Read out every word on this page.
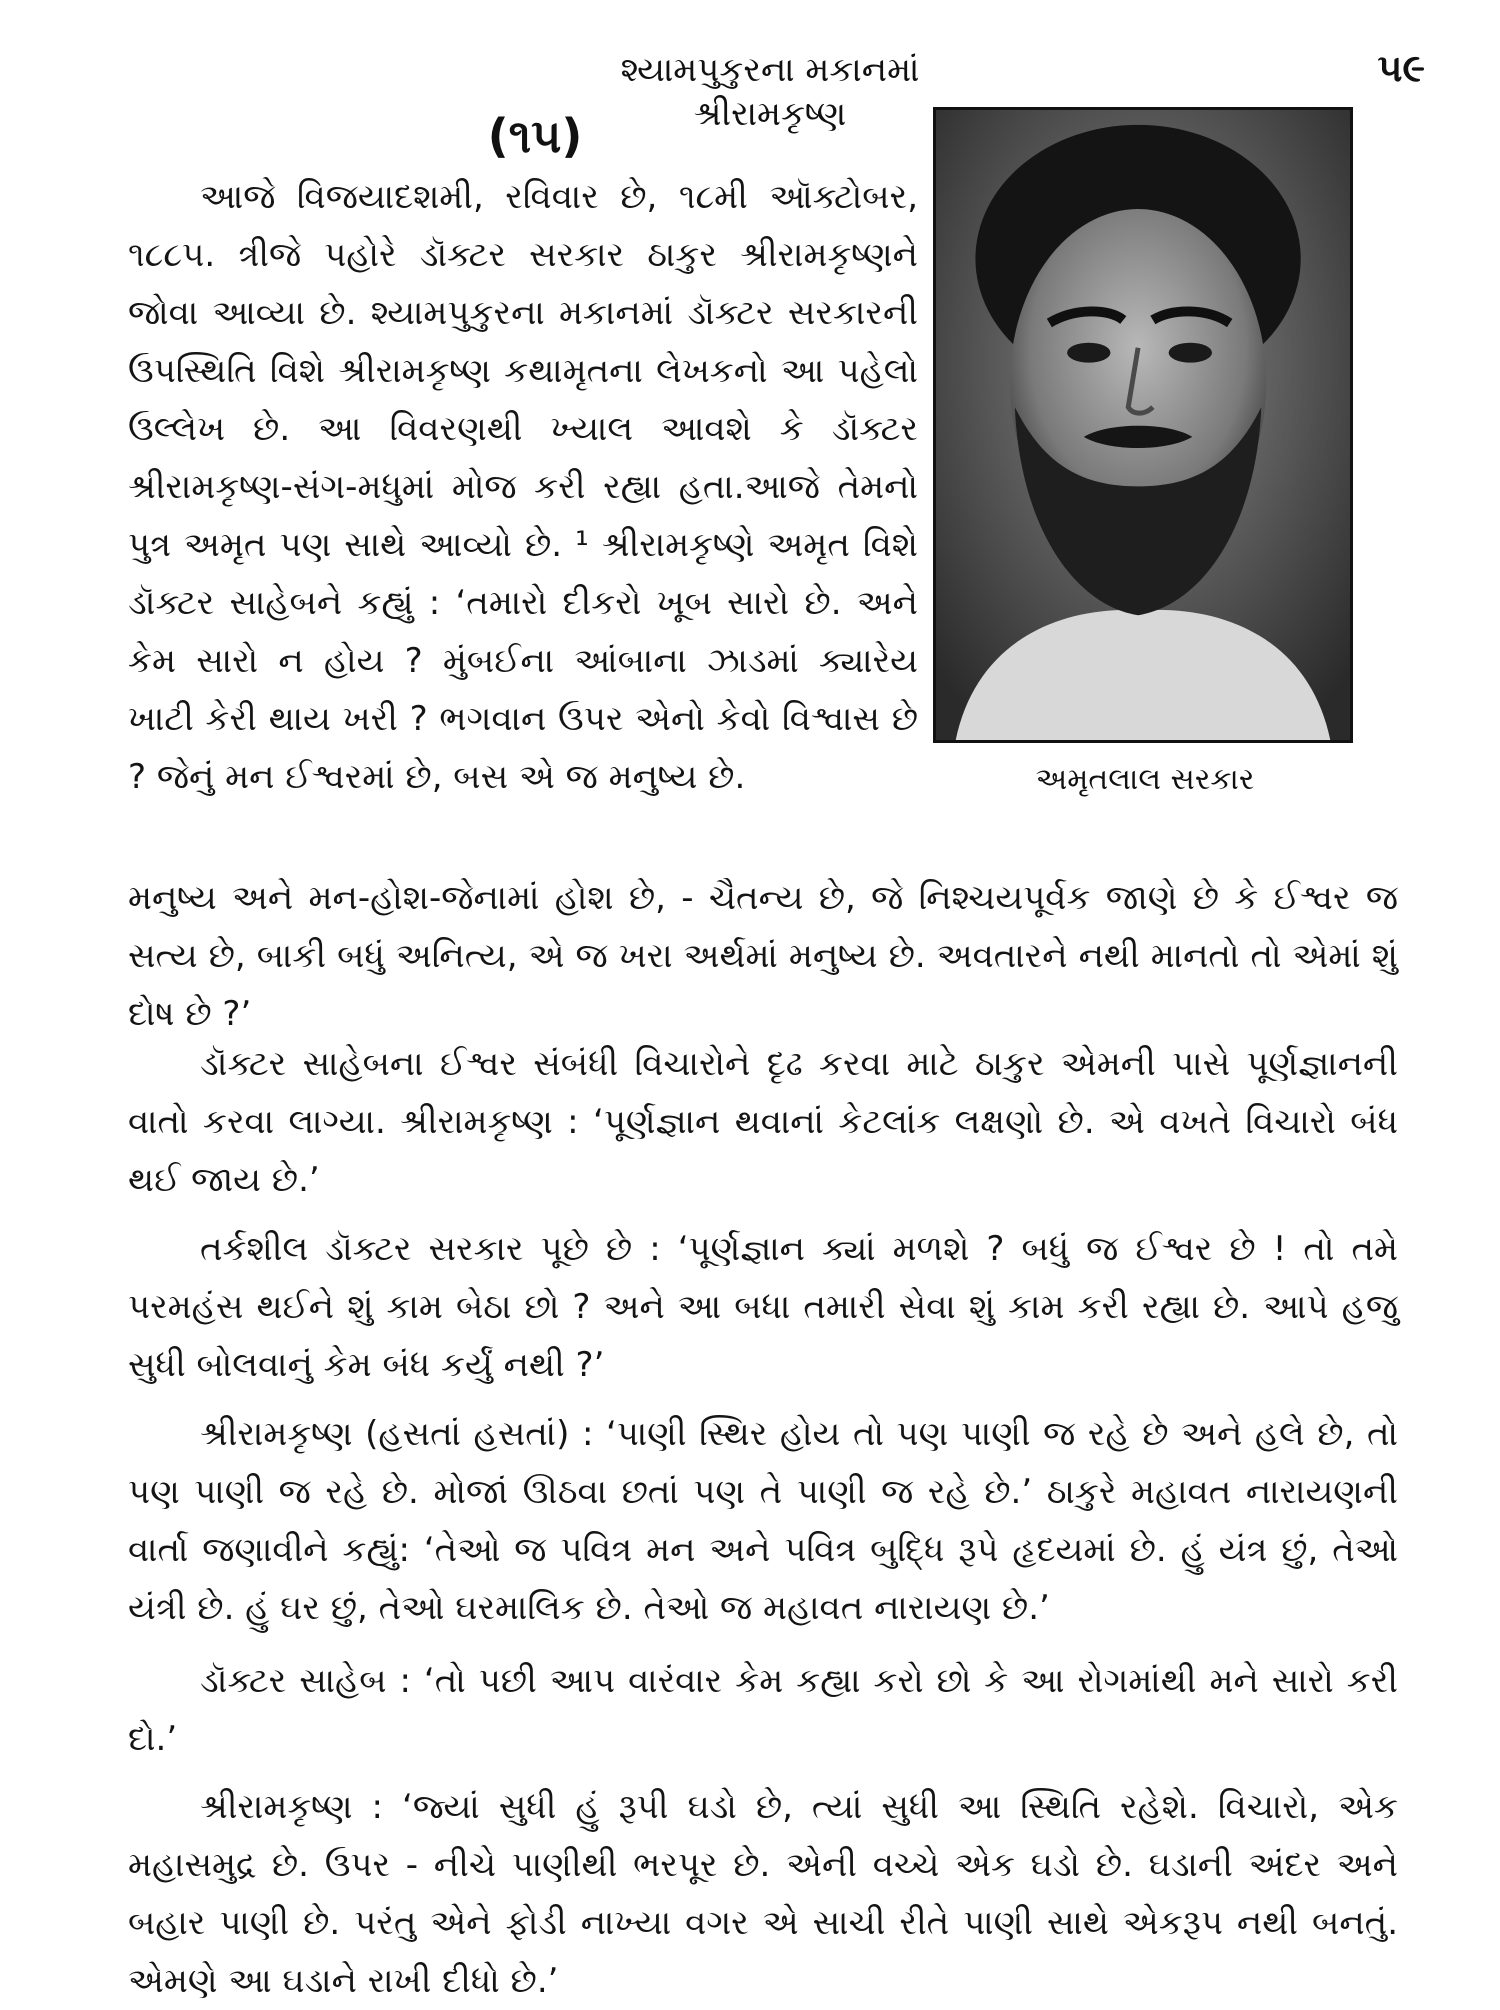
શ્યામપુકુરના મકાનમાં શ્રીરામકૃષ્ણ
૫૯
(૧૫)
અમૃતલાલ સરકાર

આજે વિજયાદશમી, રવિવાર છે, ૧૮મી ઑક્ટોબર, ૧૮૮૫. ત્રીજે પહોરે ડૉક્ટર સરકાર ઠાકુર શ્રીરામકૃષ્ણને જોવા આવ્યા છે. શ્યામપુકુરના મકાનમાં ડૉક્ટર સરકારની ઉપસ્થિતિ વિશે શ્રીરામકૃષ્ણ કથામૃતના લેખકનો આ પહેલો ઉલ્લેખ છે. આ વિવરણથી ખ્યાલ આવશે કે ડૉક્ટર શ્રીરામકૃષ્ણ-સંગ-મધુમાં મોજ કરી રહ્યા હતા.આજે તેમનો પુત્ર અમૃત પણ સાથે આવ્યો છે. ¹ શ્રીરામકૃષ્ણે અમૃત વિશે ડૉક્ટર સાહેબને કહ્યું : ‘તમારો દીકરો ખૂબ સારો છે. અને કેમ સારો ન હોય ? મુંબઈના આંબાના ઝાડમાં ક્યારેય ખાટી કેરી થાય ખરી ? ભગવાન ઉપર એનો કેવો વિશ્વાસ છે ? જેનું મન ઈશ્વરમાં છે, બસ એ જ મનુષ્ય છે.

મનુષ્ય અને મન-હોશ-જેનામાં હોશ છે, - ચૈતન્ય છે, જે નિશ્ચયપૂર્વક જાણે છે કે ઈશ્વર જ સત્ય છે, બાકી બધું અનિત્ય, એ જ ખરા અર્થમાં મનુષ્ય છે. અવતારને નથી માનતો તો એમાં શું દોષ છે ?’

ડૉક્ટર સાહેબના ઈશ્વર સંબંધી વિચારોને દૃઢ કરવા માટે ઠાકુર એમની પાસે પૂર્ણજ્ઞાનની વાતો કરવા લાગ્યા. શ્રીરામકૃષ્ણ : ‘પૂર્ણજ્ઞાન થવાનાં કેટલાંક લક્ષણો છે. એ વખતે વિચારો બંધ થઈ જાય છે.’

તર્કશીલ ડૉક્ટર સરકાર પૂછે છે : ‘પૂર્ણજ્ઞાન ક્યાં મળશે ? બધું જ ઈશ્વર છે ! તો તમે પરમહંસ થઈને શું કામ બેઠા છો ? અને આ બધા તમારી સેવા શું કામ કરી રહ્યા છે. આપે હજુ સુધી બોલવાનું કેમ બંધ કર્યું નથી ?’

શ્રીરામકૃષ્ણ (હસતાં હસતાં) : ‘પાણી સ્થિર હોય તો પણ પાણી જ રહે છે અને હલે છે, તો પણ પાણી જ રહે છે. મોજાં ઊઠવા છતાં પણ તે પાણી જ રહે છે.’ ઠાકુરે મહાવત નારાયણની વાર્તા જણાવીને કહ્યું: ‘તેઓ જ પવિત્ર મન અને પવિત્ર બુદ્ધિ રૂપે હૃદયમાં છે. હું યંત્ર છું, તેઓ યંત્રી છે. હું ઘર છું, તેઓ ઘરમાલિક છે. તેઓ જ મહાવત નારાયણ છે.’

ડૉક્ટર સાહેબ : ‘તો પછી આપ વારંવાર કેમ કહ્યા કરો છો કે આ રોગમાંથી મને સારો કરી દો.’

શ્રીરામકૃષ્ણ : ‘જ્યાં સુધી હું રૂપી ઘડો છે, ત્યાં સુધી આ સ્થિતિ રહેશે. વિચારો, એક મહાસમુદ્ર છે. ઉપર - નીચે પાણીથી ભરપૂર છે. એની વચ્ચે એક ઘડો છે. ઘડાની અંદર અને બહાર પાણી છે. પરંતુ એને ફોડી નાખ્યા વગર એ સાચી રીતે પાણી સાથે એકરૂપ નથી બનતું. એમણે આ ઘડાને રાખી દીધો છે.’
